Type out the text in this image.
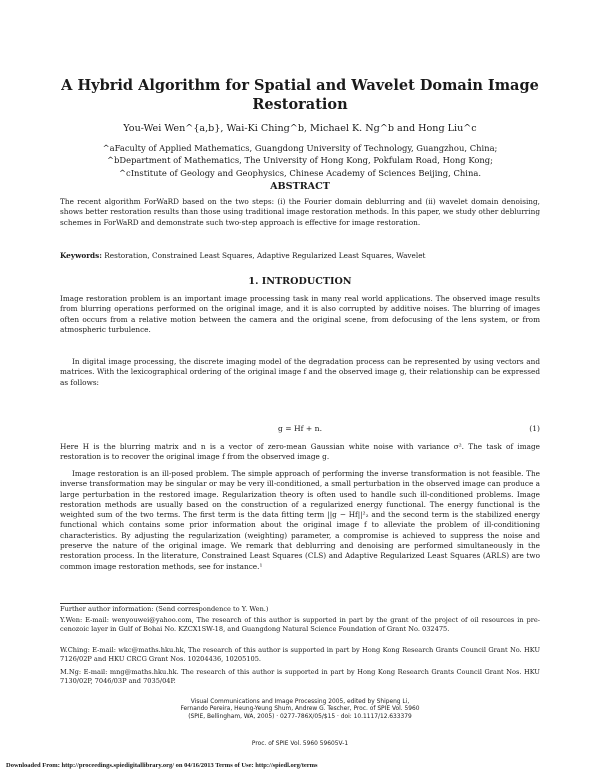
A Hybrid Algorithm for Spatial and Wavelet Domain Image Restoration
You-Wei Wen^{a,b}, Wai-Ki Ching^b, Michael K. Ng^b and Hong Liu^c
^aFaculty of Applied Mathematics, Guangdong University of Technology, Guangzhou, China;
^bDepartment of Mathematics, The University of Hong Kong, Pokfulam Road, Hong Kong;
^cInstitute of Geology and Geophysics, Chinese Academy of Sciences Beijing, China.
ABSTRACT
The recent algorithm ForWaRD based on the two steps: (i) the Fourier domain deblurring and (ii) wavelet domain denoising, shows better restoration results than those using traditional image restoration methods. In this paper, we study other deblurring schemes in ForWaRD and demonstrate such two-step approach is effective for image restoration.
Keywords: Restoration, Constrained Least Squares, Adaptive Regularized Least Squares, Wavelet
1. INTRODUCTION
Image restoration problem is an important image processing task in many real world applications. The observed image results from blurring operations performed on the original image, and it is also corrupted by additive noises. The blurring of images often occurs from a relative motion between the camera and the original scene, from defocusing of the lens system, or from atmospheric turbulence.
In digital image processing, the discrete imaging model of the degradation process can be represented by using vectors and matrices. With the lexicographical ordering of the original image f and the observed image g, their relationship can be expressed as follows:
g = Hf + n.	(1)
Here H is the blurring matrix and n is a vector of zero-mean Gaussian white noise with variance σ². The task of image restoration is to recover the original image f from the observed image g.
Image restoration is an ill-posed problem. The simple approach of performing the inverse transformation is not feasible. The inverse transformation may be singular or may be very ill-conditioned, a small perturbation in the observed image can produce a large perturbation in the restored image. Regularization theory is often used to handle such ill-conditioned problems. Image restoration methods are usually based on the construction of a regularized energy functional. The energy functional is the weighted sum of the two terms. The first term is the data fitting term ||g − Hf||²₂ and the second term is the stabilized energy functional which contains some prior information about the original image f to alleviate the problem of ill-conditioning characteristics. By adjusting the regularization (weighting) parameter, a compromise is achieved to suppress the noise and preserve the nature of the original image. We remark that deblurring and denoising are performed simultaneously in the restoration process. In the literature, Constrained Least Squares (CLS) and Adaptive Regularized Least Squares (ARLS) are two common image restoration methods, see for instance.¹
Further author information: (Send correspondence to Y. Wen.)
Y.Wen: E-mail: wenyouwei@yahoo.com, The research of this author is supported in part by the grant of the project of oil resources in pre-cenozoic layer in Gulf of Bohai No. KZCX1SW-18, and Guangdong Natural Science Foundation of Grant No. 032475.
W.Ching: E-mail: wkc@maths.hku.hk, The research of this author is supported in part by Hong Kong Research Grants Council Grant No. HKU 7126/02P and HKU CRCG Grant Nos. 10204436, 10205105.
M.Ng: E-mail: mng@maths.hku.hk. The research of this author is supported in part by Hong Kong Research Grants Council Grant Nos. HKU 7130/02P, 7046/03P and 7035/04P.
Visual Communications and Image Processing 2005, edited by Shipeng Li,
Fernando Pereira, Heung-Yeung Shum, Andrew G. Tescher, Proc. of SPIE Vol. 5960
(SPIE, Bellingham, WA, 2005) · 0277-786X/05/$15 · doi: 10.1117/12.633379
Proc. of SPIE Vol. 5960 59605V-1
Downloaded From: http://proceedings.spiedigitallibrary.org/ on 04/16/2013 Terms of Use: http://spiedl.org/terms
